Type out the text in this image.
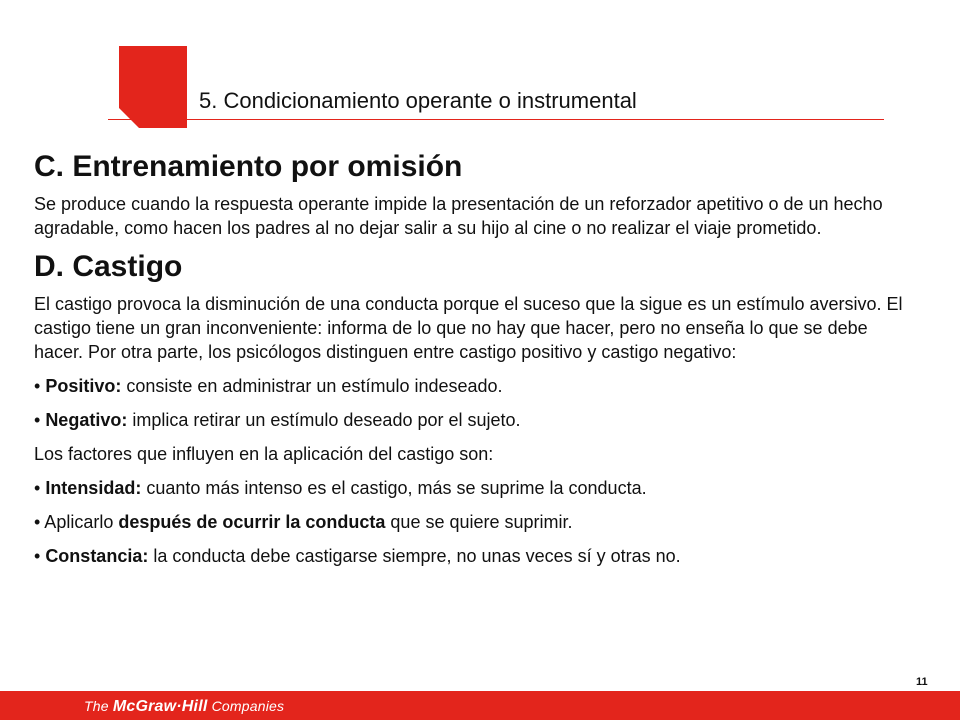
5. Condicionamiento operante o instrumental
C. Entrenamiento por omisión

Se produce cuando la respuesta operante impide la presentación de un reforzador apetitivo o de un hecho agradable, como hacen los padres al no dejar salir a su hijo al cine o no realizar el viaje prometido.

D. Castigo

El castigo provoca la disminución de una conducta porque el suceso que la sigue es un estímulo aversivo. El castigo tiene un gran inconveniente: informa de lo que no hay que hacer, pero no enseña lo que se debe hacer. Por otra parte, los psicólogos distinguen entre castigo positivo y castigo negativo:

• Positivo: consiste en administrar un estímulo indeseado.

• Negativo: implica retirar un estímulo deseado por el sujeto.

Los factores que influyen en la aplicación del castigo son:

• Intensidad: cuanto más intenso es el castigo, más se suprime la conducta.

• Aplicarlo después de ocurrir la conducta que se quiere suprimir.

• Constancia: la conducta debe castigarse siempre, no unas veces sí y otras no.

11
The McGraw·Hill Companies
